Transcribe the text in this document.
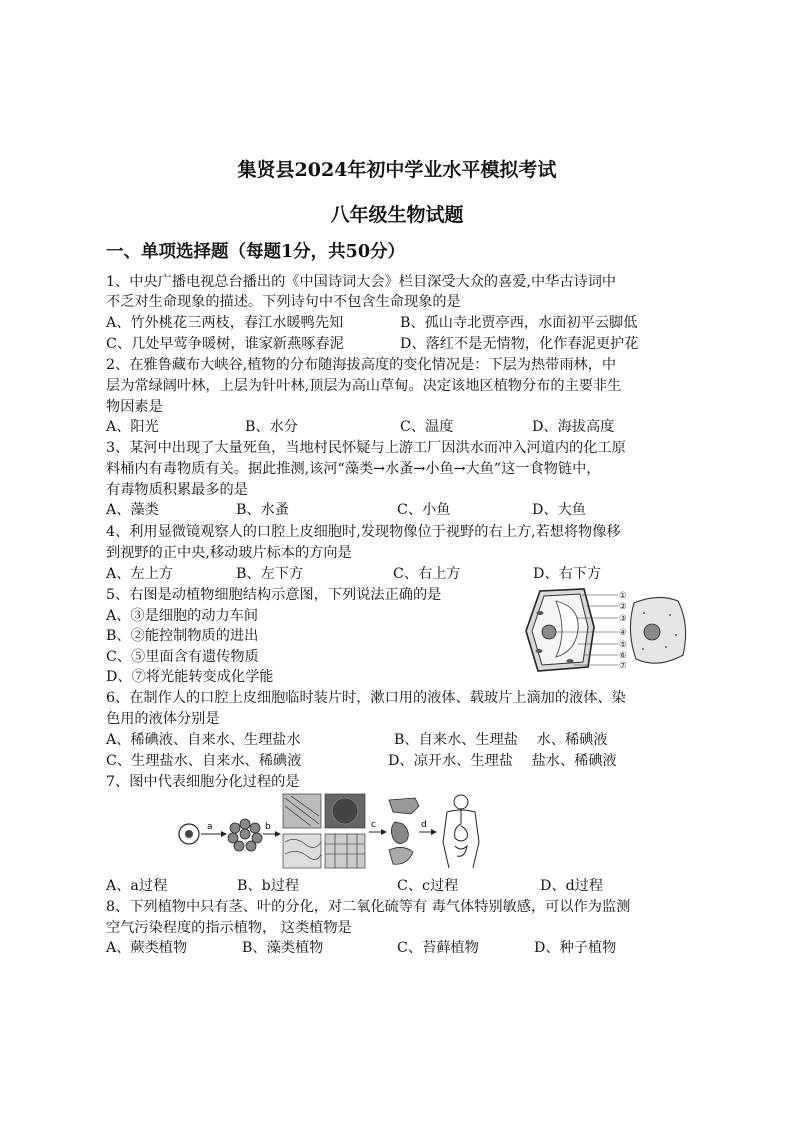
集贤县2024年初中学业水平模拟考试
八年级生物试题
一、单项选择题（每题1分，共50分）
1、中央广播电视总台播出的《中国诗词大会》栏目深受大众的喜爱,中华古诗词中
不乏对生命现象的描述。下列诗句中不包含生命现象的是
A、竹外桃花三两枝，春江水暖鸭先知	B、孤山寺北贾亭西，水面初平云脚低
C、几处早莺争暖树，谁家新燕啄春泥	D、落红不是无情物，化作春泥更护花
2、在雅鲁藏布大峡谷,植物的分布随海拔高度的变化情况是：下层为热带雨林，中
层为常绿阔叶林，上层为针叶林,顶层为高山草甸。决定该地区植物分布的主要非生
物因素是
A、阳光	B、水分	C、温度	D、海拔高度
3、某河中出现了大量死鱼，当地村民怀疑与上游工厂因洪水而冲入河道内的化工原
料桶内有毒物质有关。据此推测,该河“藻类→水蚤→小鱼→大鱼”这一食物链中，
有毒物质积累最多的是
A、藻类	B、水蚤	C、小鱼	D、大鱼
4、利用显微镜观察人的口腔上皮细胞时,发现物像位于视野的右上方,若想将物像移
到视野的正中央,移动玻片标本的方向是
A、左上方	B、左下方	C、右上方	D、右下方
5、右图是动植物细胞结构示意图，下列说法正确的是
A、③是细胞的动力车间
B、②能控制物质的进出
C、⑤里面含有遗传物质
D、⑦将光能转变成化学能
①
②
③
④
⑤
⑥
⑦
6、在制作人的口腔上皮细胞临时装片时，漱口用的液体、载玻片上滴加的液体、染
色用的液体分别是
A、稀碘液、自来水、生理盐水	B、自来水、生理盐　 水、稀碘液
C、生理盐水、自来水、稀碘液	D、凉开水、生理盐　 盐水、稀碘液
7、图中代表细胞分化过程的是
a	b	c	d
A、a过程	B、b过程	C、c过程	D、d过程
8、下列植物中只有茎、叶的分化，对二氧化硫等有 毒气体特别敏感，可以作为监测
空气污染程度的指示植物， 这类植物是
A、蕨类植物	B、藻类植物	C、苔藓植物	D、种子植物
